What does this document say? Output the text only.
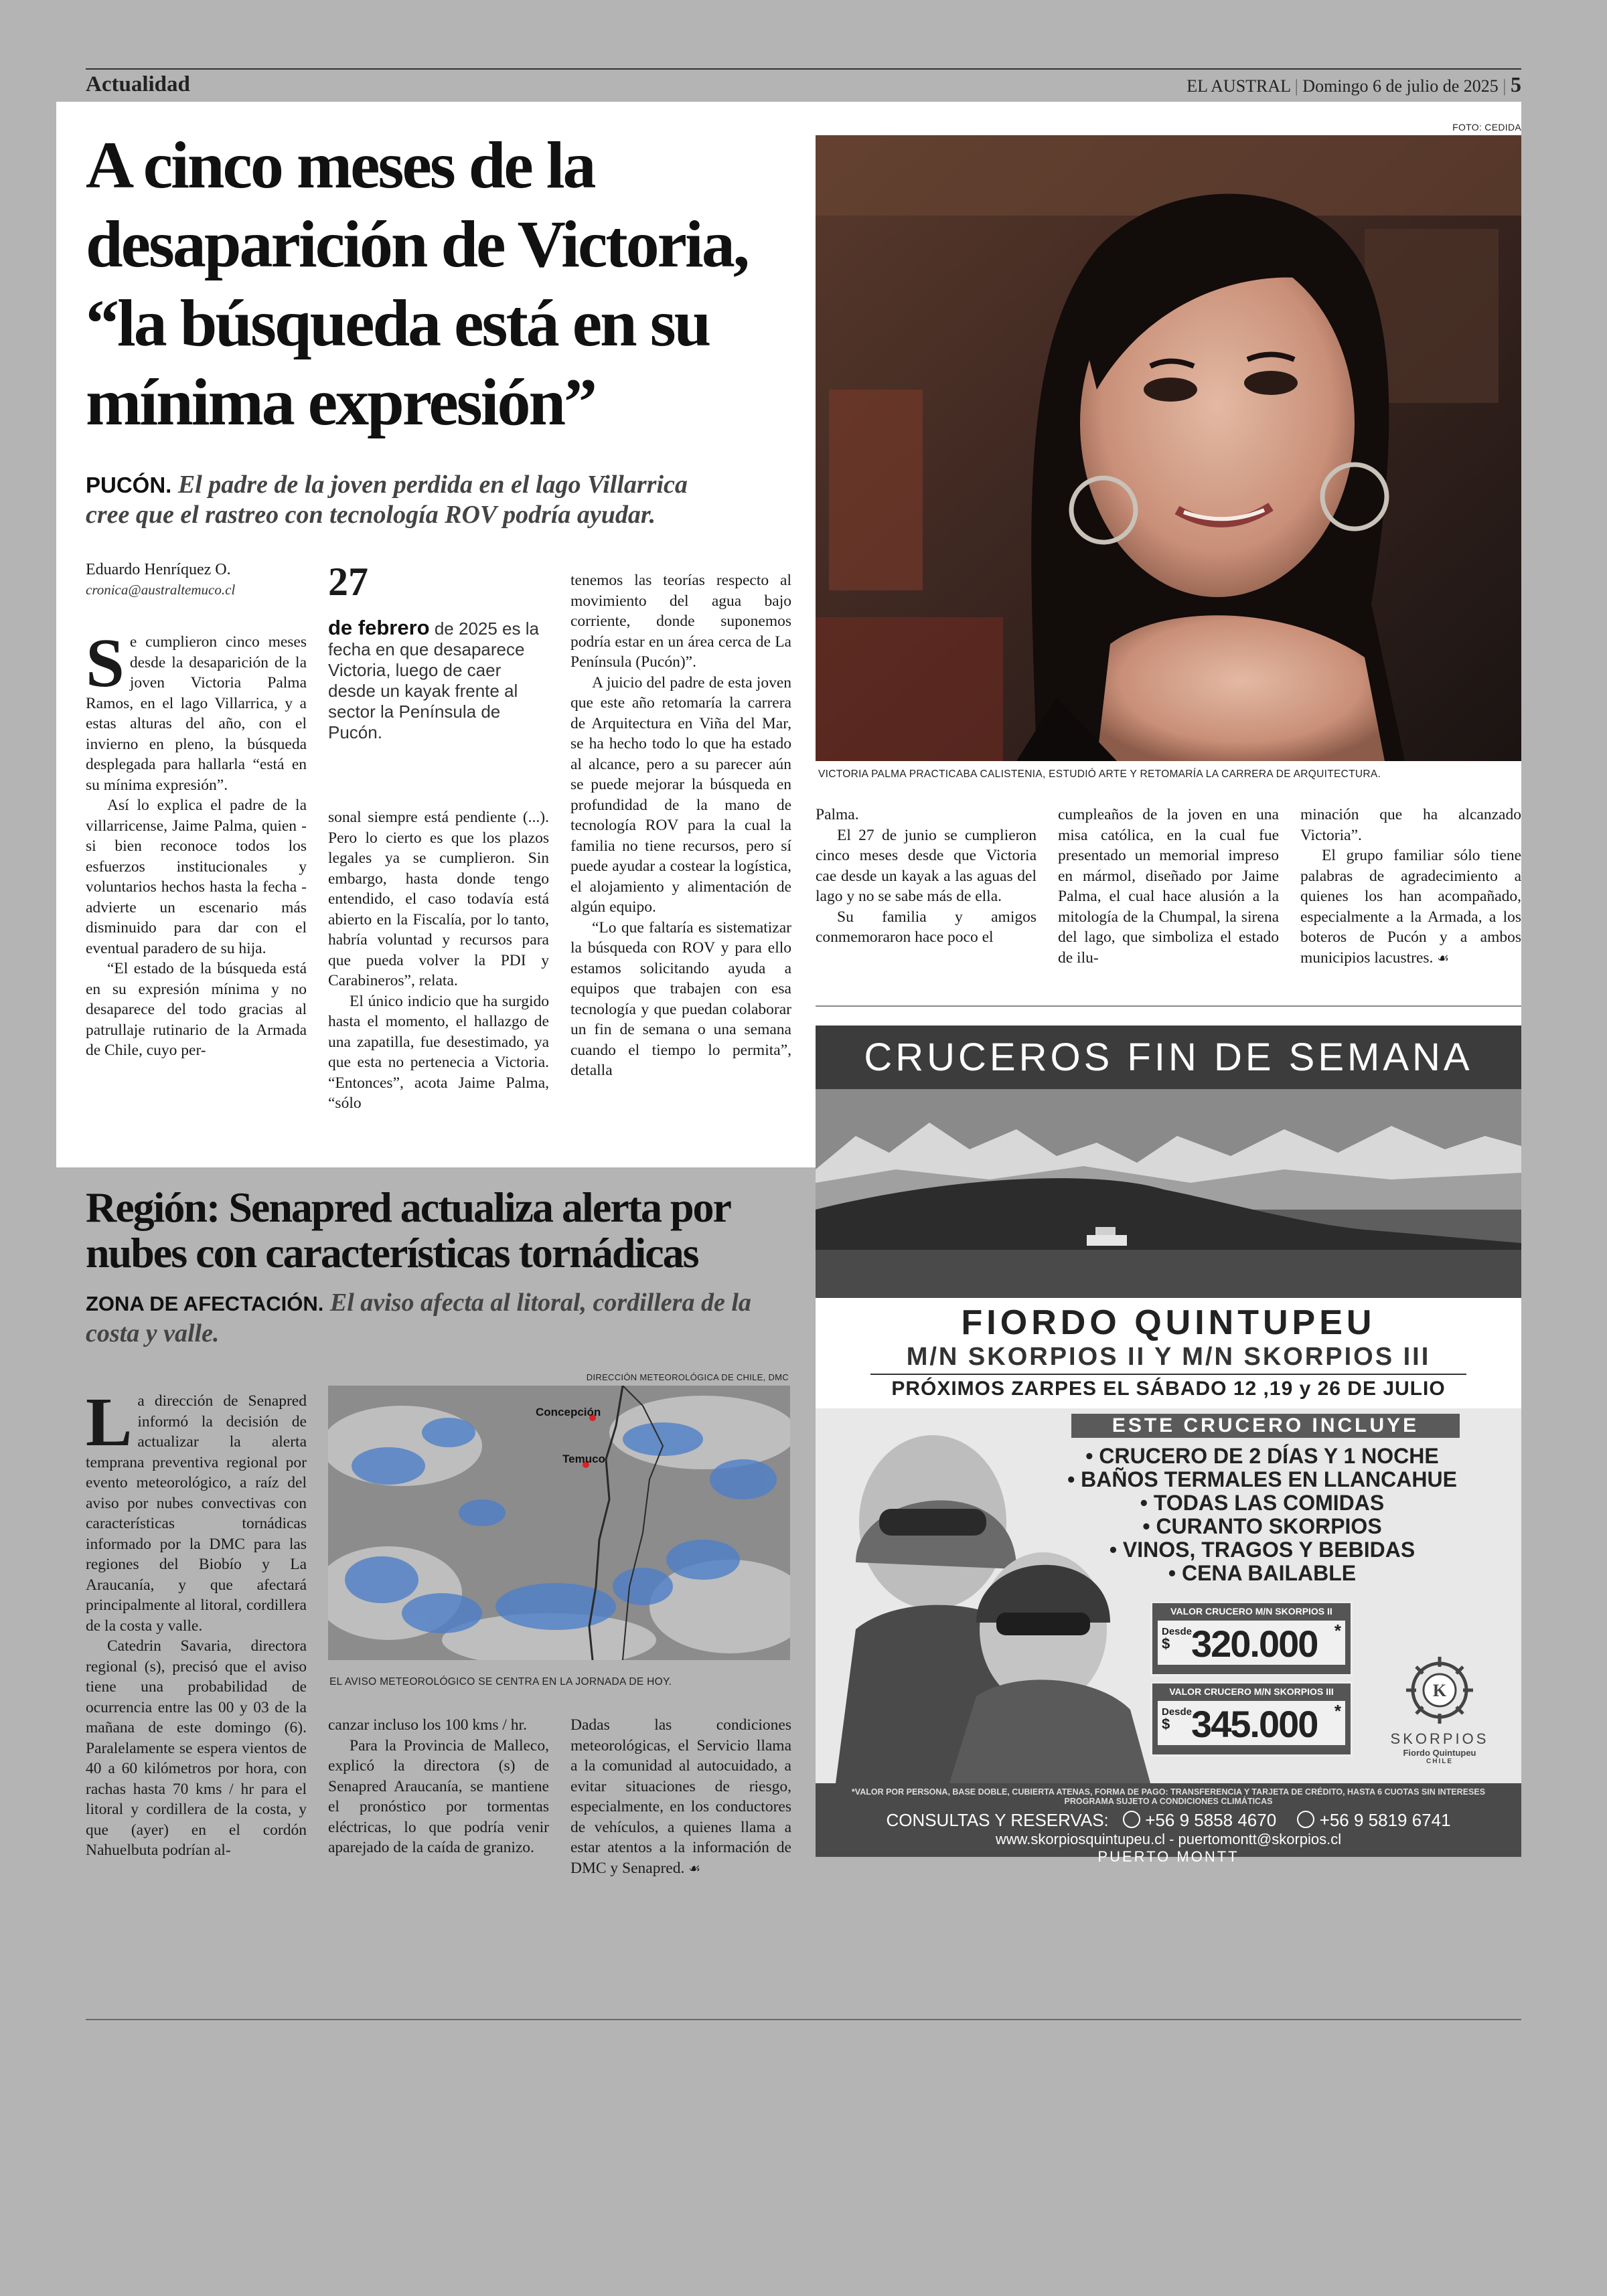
Actualidad	EL AUSTRAL | Domingo 6 de julio de 2025 | 5
A cinco meses de la
desaparición de Victoria,
“la búsqueda está en su
mínima expresión”
PUCÓN. El padre de la joven perdida en el lago Villarrica
cree que el rastreo con tecnología ROV podría ayudar.
Eduardo Henríquez O.
cronica@australtemuco.cl

Se cumplieron cinco meses desde la desaparición de la joven Victoria Palma Ramos, en el lago Villarrica, y a estas alturas del año, con el invierno en pleno, la búsqueda desplegada para hallarla “está en su mínima expresión”.

Así lo explica el padre de la villarricense, Jaime Palma, quien - si bien reconoce todos los esfuerzos institucionales y voluntarios hechos hasta la fecha - advierte un escenario más disminuido para dar con el eventual paradero de su hija.

“El estado de la búsqueda está en su expresión mínima y no desaparece del todo gracias al patrullaje rutinario de la Armada de Chile, cuyo per-

27
de febrero de 2025 es la fecha en que desaparece Victoria, luego de caer desde un kayak frente al sector la Península de Pucón.

sonal siempre está pendiente (...). Pero lo cierto es que los plazos legales ya se cumplieron. Sin embargo, hasta donde tengo entendido, el caso todavía está abierto en la Fiscalía, por lo tanto, habría voluntad y recursos para que pueda volver la PDI y Carabineros”, relata.

El único indicio que ha surgido hasta el momento, el hallazgo de una zapatilla, fue desestimado, ya que esta no pertenecia a Victoria. “Entonces”, acota Jaime Palma, “sólo

tenemos las teorías respecto al movimiento del agua bajo corriente, donde suponemos podría estar en un área cerca de La Península (Pucón)”.

A juicio del padre de esta joven que este año retomaría la carrera de Arquitectura en Viña del Mar, se ha hecho todo lo que ha estado al alcance, pero a su parecer aún se puede mejorar la búsqueda en profundidad de la mano de tecnología ROV para la cual la familia no tiene recursos, pero sí puede ayudar a costear la logística, el alojamiento y alimentación de algún equipo.

“Lo que faltaría es sistematizar la búsqueda con ROV y para ello estamos solicitando ayuda a equipos que trabajen con esa tecnología y que puedan colaborar un fin de semana o una semana cuando el tiempo lo permita”, detalla

FOTO: CEDIDA
VICTORIA PALMA PRACTICABA CALISTENIA, ESTUDIÓ ARTE Y RETOMARÍA LA CARRERA DE ARQUITECTURA.

Palma.

El 27 de junio se cumplieron cinco meses desde que Victoria cae desde un kayak a las aguas del lago y no se sabe más de ella.

Su familia y amigos conmemoraron hace poco el

cumpleaños de la joven en una misa católica, en la cual fue presentado un memorial impreso en mármol, diseñado por Jaime Palma, el cual hace alusión a la mitología de la Chumpal, la sirena del lago, que simboliza el estado de ilu-

minación que ha alcanzado Victoria”.

El grupo familiar sólo tiene palabras de agradecimiento a quienes los han acompañado, especialmente a la Armada, a los boteros de Pucón y a ambos municipios lacustres. ☙

CRUCEROS FIN DE SEMANA
FIORDO QUINTUPEU
M/N SKORPIOS II Y M/N SKORPIOS III
PRÓXIMOS ZARPES EL SÁBADO 12 ,19 y 26 DE JULIO
ESTE CRUCERO INCLUYE
• CRUCERO DE 2 DÍAS Y 1 NOCHE
• BAÑOS TERMALES EN LLANCAHUE
• TODAS LAS COMIDAS
• CURANTO SKORPIOS
• VINOS, TRAGOS Y BEBIDAS
• CENA BAILABLE
VALOR CRUCERO M/N SKORPIOS II
Desde
$ 320.000 *
VALOR CRUCERO M/N SKORPIOS III
Desde
$ 345.000 *
K
SKORPIOS
Fiordo Quintupeu
CHILE
*VALOR POR PERSONA, BASE DOBLE, CUBIERTA ATENAS, FORMA DE PAGO: TRANSFERENCIA Y TARJETA DE CRÉDITO, HASTA 6 CUOTAS SIN INTERESES
PROGRAMA SUJETO A CONDICIONES CLIMÁTICAS
CONSULTAS Y RESERVAS: +56 9 5858 4670 +56 9 5819 6741
www.skorpiosquintupeu.cl - puertomontt@skorpios.cl
PUERTO MONTT
Región: Senapred actualiza alerta por
nubes con características tornádicas
ZONA DE AFECTACIÓN. El aviso afecta al litoral, cordillera de la
costa y valle.

La dirección de Senapred informó la decisión de actualizar la alerta temprana preventiva regional por evento meteorológico, a raíz del aviso por nubes convectivas con características tornádicas informado por la DMC para las regiones del Biobío y La Araucanía, y que afectará principalmente al litoral, cordillera de la costa y valle.

Catedrin Savaria, directora regional (s), precisó que el aviso tiene una probabilidad de ocurrencia entre las 00 y 03 de la mañana de este domingo (6). Paralelamente se espera vientos de 40 a 60 kilómetros por hora, con rachas hasta 70 kms / hr para el litoral y cordillera de la costa, y que (ayer) en el cordón Nahuelbuta podrían al-

DIRECCIÓN METEOROLÓGICA DE CHILE, DMC
Concepción
Temuco
EL AVISO METEOROLÓGICO SE CENTRA EN LA JORNADA DE HOY.

canzar incluso los 100 kms / hr.

Para la Provincia de Malleco, explicó la directora (s) de Senapred Araucanía, se mantiene el pronóstico por tormentas eléctricas, lo que podría venir aparejado de la caída de granizo.

Dadas las condiciones meteorológicas, el Servicio llama a la comunidad al autocuidado, a evitar situaciones de riesgo, especialmente, en los conductores de vehículos, a quienes llama a estar atentos a la información de DMC y Senapred. ☙
